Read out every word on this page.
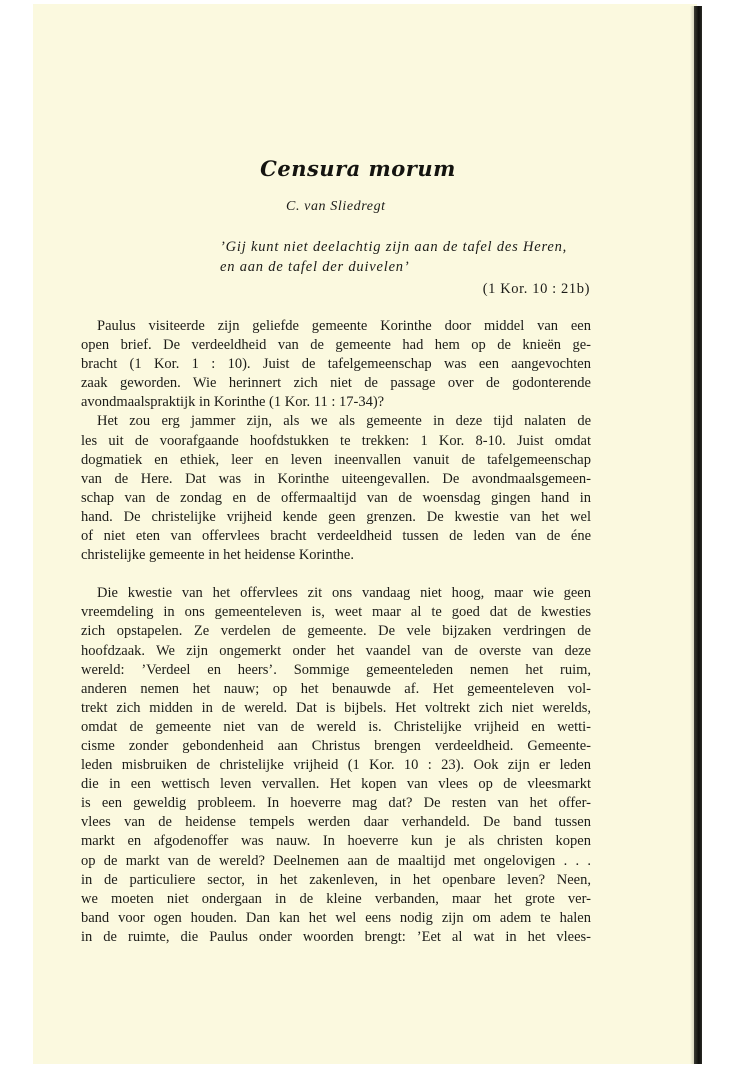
Censura morum
C. van Sliedregt
’Gij kunt niet deelachtig zijn aan de tafel des Heren,
en aan de tafel der duivelen’
(1 Kor. 10 : 21b)
Paulus visiteerde zijn geliefde gemeente Korinthe door middel van een
open brief. De verdeeldheid van de gemeente had hem op de knieën ge-
bracht (1 Kor. 1 : 10). Juist de tafelgemeenschap was een aangevochten
zaak geworden. Wie herinnert zich niet de passage over de godonterende
avondmaalspraktijk in Korinthe (1 Kor. 11 : 17-34)?
Het zou erg jammer zijn, als we als gemeente in deze tijd nalaten de
les uit de voorafgaande hoofdstukken te trekken: 1 Kor. 8-10. Juist omdat
dogmatiek en ethiek, leer en leven ineenvallen vanuit de tafelgemeenschap
van de Here. Dat was in Korinthe uiteengevallen. De avondmaalsgemeen-
schap van de zondag en de offermaaltijd van de woensdag gingen hand in
hand. De christelijke vrijheid kende geen grenzen. De kwestie van het wel
of niet eten van offervlees bracht verdeeldheid tussen de leden van de éne
christelijke gemeente in het heidense Korinthe.
Die kwestie van het offervlees zit ons vandaag niet hoog, maar wie geen
vreemdeling in ons gemeenteleven is, weet maar al te goed dat de kwesties
zich opstapelen. Ze verdelen de gemeente. De vele bijzaken verdringen de
hoofdzaak. We zijn ongemerkt onder het vaandel van de overste van deze
wereld: ’Verdeel en heers’. Sommige gemeenteleden nemen het ruim,
anderen nemen het nauw; op het benauwde af. Het gemeenteleven vol-
trekt zich midden in de wereld. Dat is bijbels. Het voltrekt zich niet werelds,
omdat de gemeente niet van de wereld is. Christelijke vrijheid en wetti-
cisme zonder gebondenheid aan Christus brengen verdeeldheid. Gemeente-
leden misbruiken de christelijke vrijheid (1 Kor. 10 : 23). Ook zijn er leden
die in een wettisch leven vervallen. Het kopen van vlees op de vleesmarkt
is een geweldig probleem. In hoeverre mag dat? De resten van het offer-
vlees van de heidense tempels werden daar verhandeld. De band tussen
markt en afgodenoffer was nauw. In hoeverre kun je als christen kopen
op de markt van de wereld? Deelnemen aan de maaltijd met ongelovigen . . .
in de particuliere sector, in het zakenleven, in het openbare leven? Neen,
we moeten niet ondergaan in de kleine verbanden, maar het grote ver-
band voor ogen houden. Dan kan het wel eens nodig zijn om adem te halen
in de ruimte, die Paulus onder woorden brengt: ’Eet al wat in het vlees-
